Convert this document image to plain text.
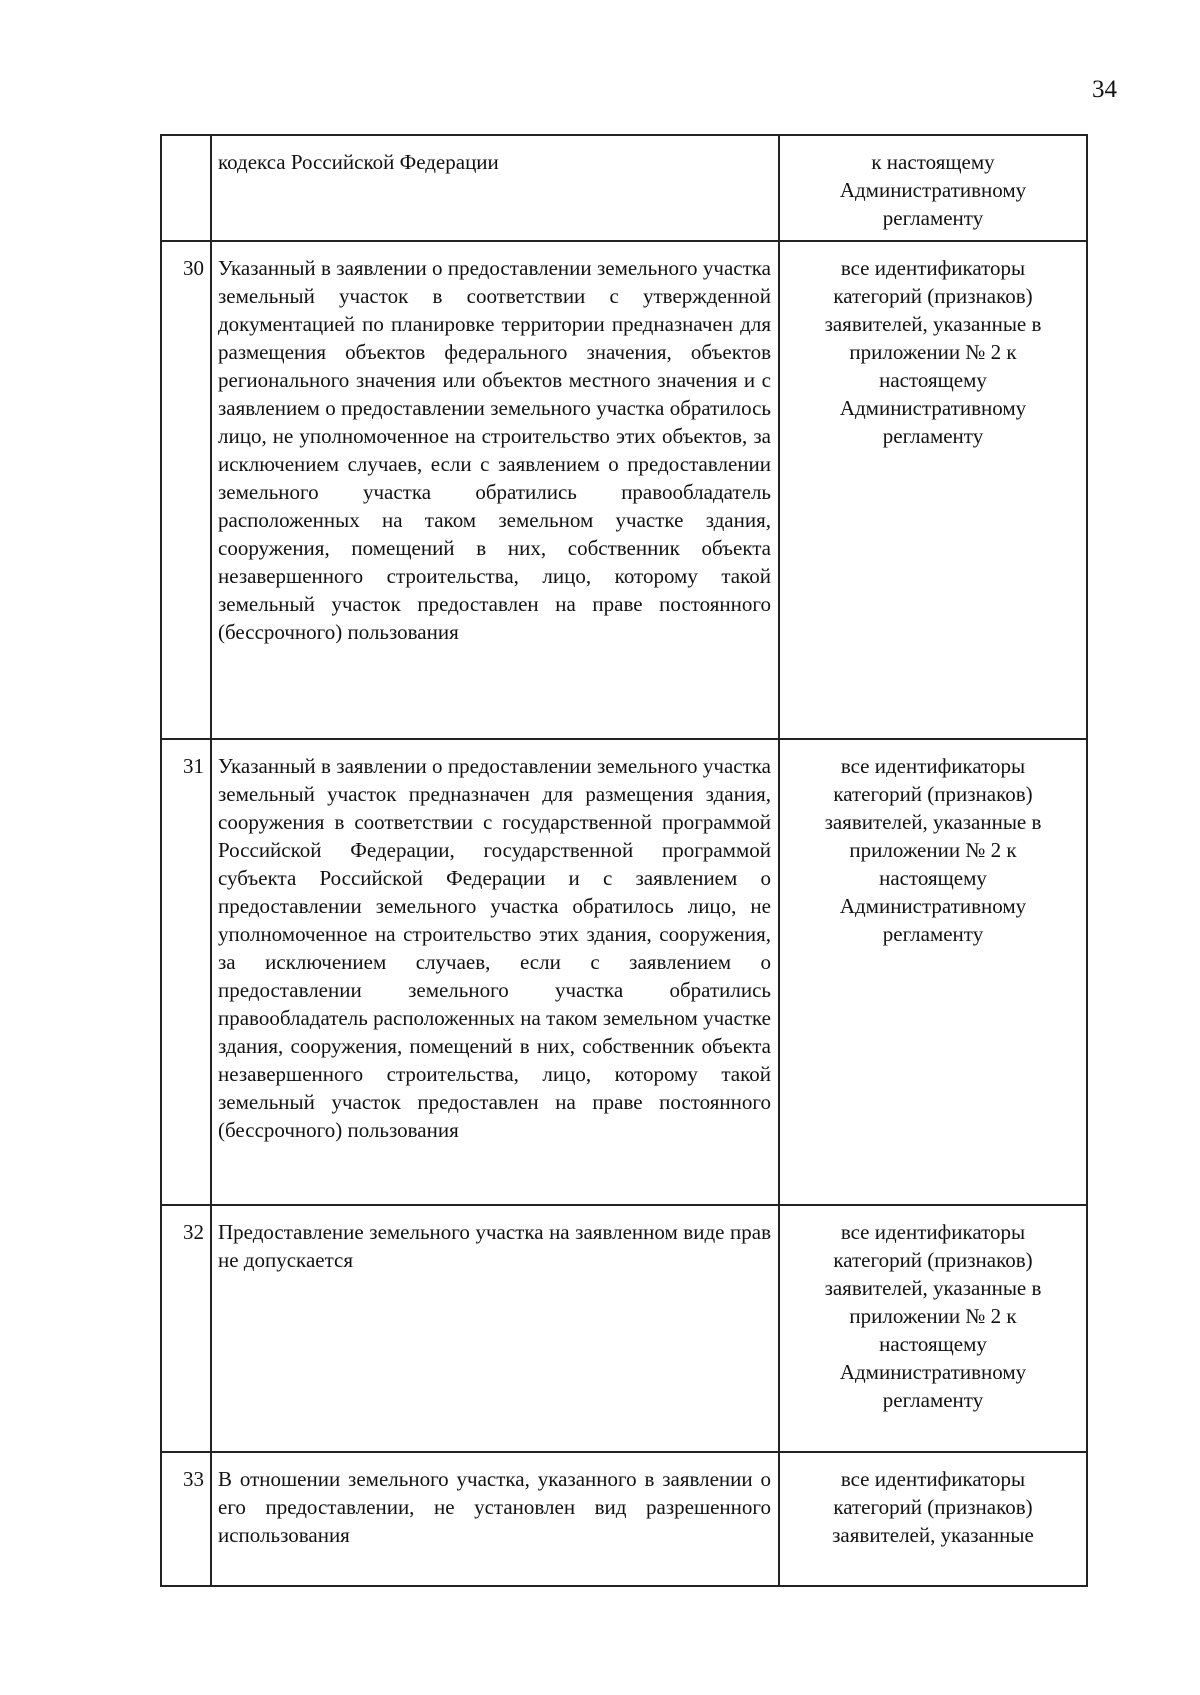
34
	кодекса Российской Федерации	к настоящему Административному регламенту
30	Указанный в заявлении о предоставлении земельного участка земельный участок в соответствии с утвержденной документацией по планировке территории предназначен для размещения объектов федерального значения, объектов регионального значения или объектов местного значения и с заявлением о предоставлении земельного участка обратилось лицо, не уполномоченное на строительство этих объектов, за исключением случаев, если с заявлением о предоставлении земельного участка обратились правообладатель расположенных на таком земельном участке здания, сооружения, помещений в них, собственник объекта незавершенного строительства, лицо, которому такой земельный участок предоставлен на праве постоянного (бессрочного) пользования	все идентификаторы категорий (признаков) заявителей, указанные в приложении № 2 к настоящему Административному регламенту
31	Указанный в заявлении о предоставлении земельного участка земельный участок предназначен для размещения здания, сооружения в соответствии с государственной программой Российской Федерации, государственной программой субъекта Российской Федерации и с заявлением о предоставлении земельного участка обратилось лицо, не уполномоченное на строительство этих здания, сооружения, за исключением случаев, если с заявлением о предоставлении земельного участка обратились правообладатель расположенных на таком земельном участке здания, сооружения, помещений в них, собственник объекта незавершенного строительства, лицо, которому такой земельный участок предоставлен на праве постоянного (бессрочного) пользования	все идентификаторы категорий (признаков) заявителей, указанные в приложении № 2 к настоящему Административному регламенту
32	Предоставление земельного участка на заявленном виде прав не допускается	все идентификаторы категорий (признаков) заявителей, указанные в приложении № 2 к настоящему Административному регламенту
33	В отношении земельного участка, указанного в заявлении о его предоставлении, не установлен вид разрешенного использования	все идентификаторы категорий (признаков) заявителей, указанные
